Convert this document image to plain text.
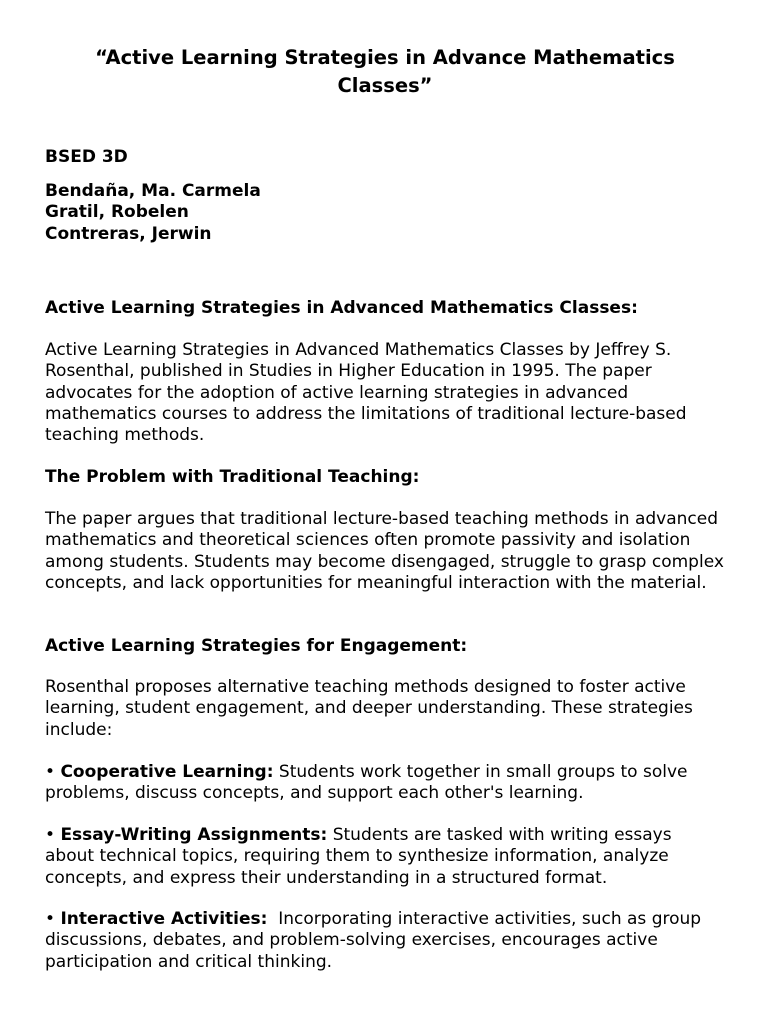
“Active Learning Strategies in Advance Mathematics Classes”

BSED 3D

Bendaña, Ma. Carmela
Gratil, Robelen
Contreras, Jerwin

Active Learning Strategies in Advanced Mathematics Classes:

Active Learning Strategies in Advanced Mathematics Classes by Jeffrey S. Rosenthal, published in Studies in Higher Education in 1995. The paper advocates for the adoption of active learning strategies in advanced mathematics courses to address the limitations of traditional lecture-based teaching methods.

The Problem with Traditional Teaching:

The paper argues that traditional lecture-based teaching methods in advanced mathematics and theoretical sciences often promote passivity and isolation among students. Students may become disengaged, struggle to grasp complex concepts, and lack opportunities for meaningful interaction with the material.

Active Learning Strategies for Engagement:

Rosenthal proposes alternative teaching methods designed to foster active learning, student engagement, and deeper understanding. These strategies include:

• Cooperative Learning: Students work together in small groups to solve problems, discuss concepts, and support each other's learning.

• Essay-Writing Assignments: Students are tasked with writing essays about technical topics, requiring them to synthesize information, analyze concepts, and express their understanding in a structured format.

• Interactive Activities:  Incorporating interactive activities, such as group discussions, debates, and problem-solving exercises, encourages active participation and critical thinking.
